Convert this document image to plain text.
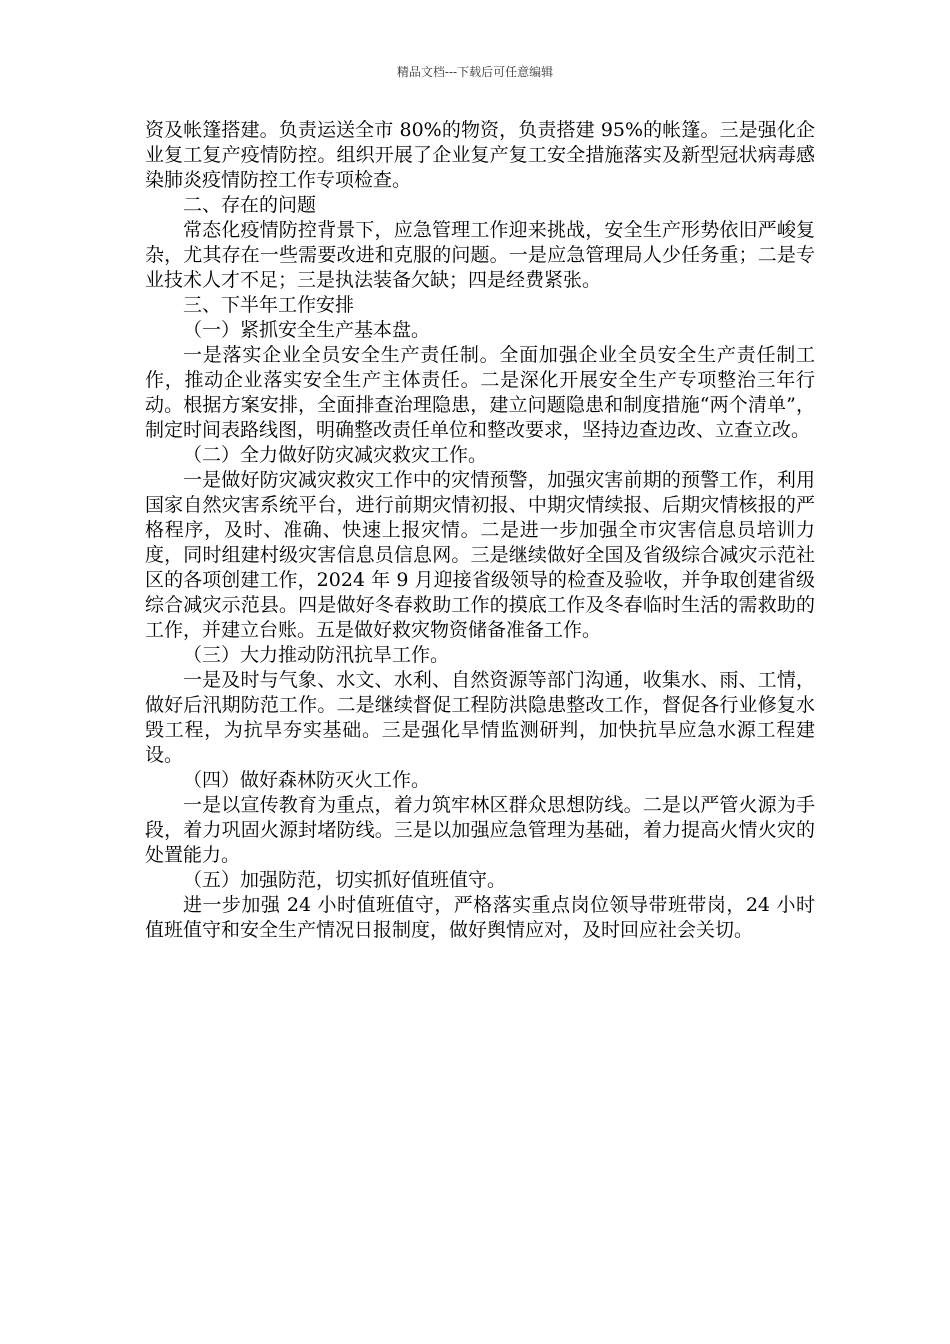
精品文档---下载后可任意编辑

资及帐篷搭建。负责运送全市 80%的物资，负责搭建 95%的帐篷。三是强化企业复工复产疫情防控。组织开展了企业复产复工安全措施落实及新型冠状病毒感染肺炎疫情防控工作专项检查。

二、存在的问题

常态化疫情防控背景下，应急管理工作迎来挑战，安全生产形势依旧严峻复杂，尤其存在一些需要改进和克服的问题。一是应急管理局人少任务重；二是专业技术人才不足；三是执法装备欠缺；四是经费紧张。

三、下半年工作安排

（一）紧抓安全生产基本盘。

一是落实企业全员安全生产责任制。全面加强企业全员安全生产责任制工作，推动企业落实安全生产主体责任。二是深化开展安全生产专项整治三年行动。根据方案安排，全面排查治理隐患，建立问题隐患和制度措施“两个清单”，制定时间表路线图，明确整改责任单位和整改要求，坚持边查边改、立查立改。

（二）全力做好防灾减灾救灾工作。

一是做好防灾减灾救灾工作中的灾情预警，加强灾害前期的预警工作，利用国家自然灾害系统平台，进行前期灾情初报、中期灾情续报、后期灾情核报的严格程序，及时、准确、快速上报灾情。二是进一步加强全市灾害信息员培训力度，同时组建村级灾害信息员信息网。三是继续做好全国及省级综合减灾示范社区的各项创建工作，2024 年 9 月迎接省级领导的检查及验收，并争取创建省级综合减灾示范县。四是做好冬春救助工作的摸底工作及冬春临时生活的需救助的工作，并建立台账。五是做好救灾物资储备准备工作。

（三）大力推动防汛抗旱工作。

一是及时与气象、水文、水利、自然资源等部门沟通，收集水、雨、工情，做好后汛期防范工作。二是继续督促工程防洪隐患整改工作，督促各行业修复水毁工程，为抗旱夯实基础。三是强化旱情监测研判，加快抗旱应急水源工程建设。

（四）做好森林防灭火工作。

一是以宣传教育为重点，着力筑牢林区群众思想防线。二是以严管火源为手段，着力巩固火源封堵防线。三是以加强应急管理为基础，着力提高火情火灾的处置能力。

（五）加强防范，切实抓好值班值守。

进一步加强 24 小时值班值守，严格落实重点岗位领导带班带岗，24 小时值班值守和安全生产情况日报制度，做好舆情应对，及时回应社会关切。
